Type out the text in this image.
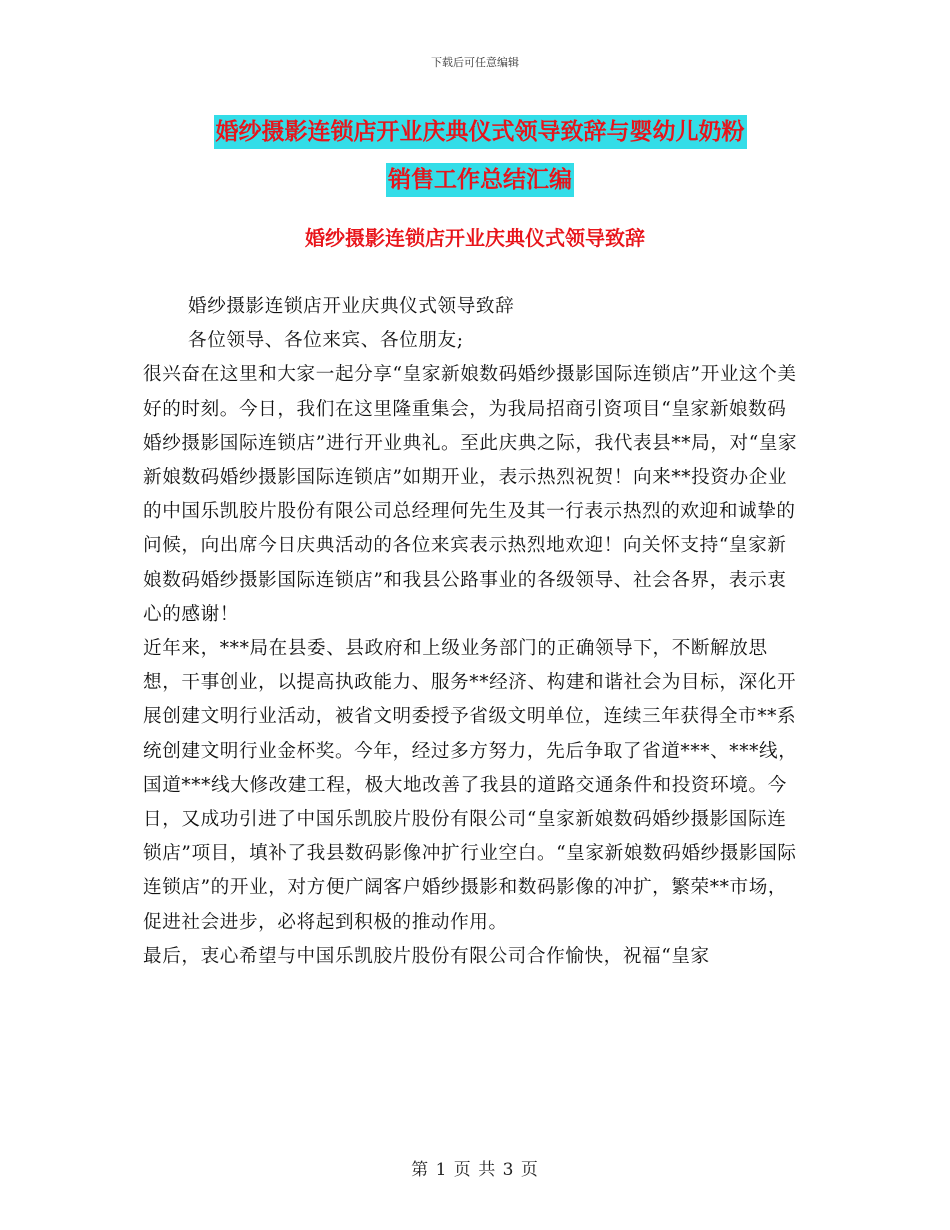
下载后可任意编辑
婚纱摄影连锁店开业庆典仪式领导致辞与婴幼儿奶粉
销售工作总结汇编
婚纱摄影连锁店开业庆典仪式领导致辞

婚纱摄影连锁店开业庆典仪式领导致辞

各位领导、各位来宾、各位朋友;

很兴奋在这里和大家一起分享“皇家新娘数码婚纱摄影国际连锁店”开业这个美好的时刻。今日，我们在这里隆重集会，为我局招商引资项目“皇家新娘数码婚纱摄影国际连锁店”进行开业典礼。至此庆典之际，我代表县**局，对“皇家新娘数码婚纱摄影国际连锁店”如期开业，表示热烈祝贺！向来**投资办企业的中国乐凯胶片股份有限公司总经理何先生及其一行表示热烈的欢迎和诚挚的问候，向出席今日庆典活动的各位来宾表示热烈地欢迎！向关怀支持“皇家新娘数码婚纱摄影国际连锁店”和我县公路事业的各级领导、社会各界，表示衷心的感谢！

近年来，***局在县委、县政府和上级业务部门的正确领导下，不断解放思想，干事创业，以提高执政能力、服务**经济、构建和谐社会为目标，深化开展创建文明行业活动，被省文明委授予省级文明单位，连续三年获得全市**系统创建文明行业金杯奖。今年，经过多方努力，先后争取了省道***、***线，国道***线大修改建工程，极大地改善了我县的道路交通条件和投资环境。今日，又成功引进了中国乐凯胶片股份有限公司“皇家新娘数码婚纱摄影国际连锁店”项目，填补了我县数码影像冲扩行业空白。“皇家新娘数码婚纱摄影国际连锁店”的开业，对方便广阔客户婚纱摄影和数码影像的冲扩，繁荣**市场，促进社会进步，必将起到积极的推动作用。

最后，衷心希望与中国乐凯胶片股份有限公司合作愉快，祝福“皇家

第 1 页 共 3 页
